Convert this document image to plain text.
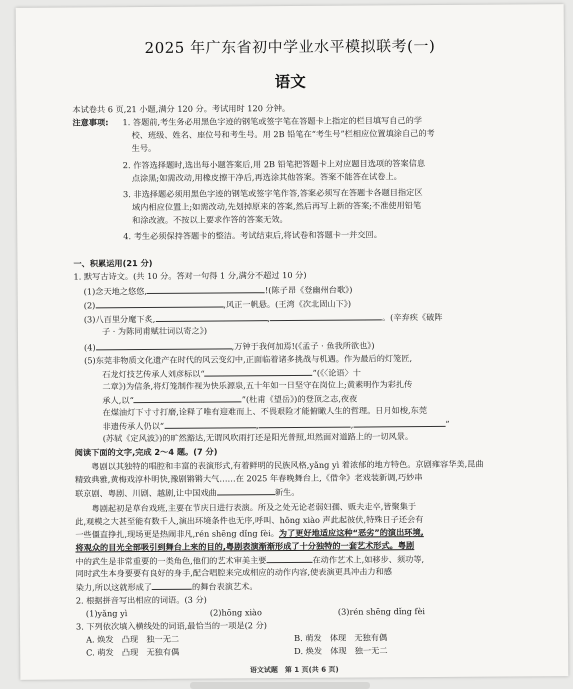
2025 年广东省初中学业水平模拟联考(一)
语文
本试卷共 6 页,21 小题,满分 120 分。考试用时 120 分钟。
注意事项: 1. 答题前,考生务必用黑色字迹的钢笔或签字笔在答题卡上指定的栏目填写自己的学
校、班级、姓名、座位号和考生号。用 2B 铅笔在“考生号”栏相应位置填涂自己的考
生号。
2. 作答选择题时,选出每小题答案后,用 2B 铅笔把答题卡上对应题目选项的答案信息
点涂黑;如需改动,用橡皮擦干净后,再选涂其他答案。答案不能答在试卷上。
3. 非选择题必须用黑色字迹的钢笔或签字笔作答,答案必须写在答题卡各题目指定区
域内相应位置上;如需改动,先划掉原来的答案,然后再写上新的答案;不准使用铅笔
和涂改液。不按以上要求作答的答案无效。
4. 考生必须保持答题卡的整洁。考试结束后,将试卷和答题卡一并交回。
一、积累运用(21 分)
1. 默写古诗文。(共 10 分。答对一句得 1 分,满分不超过 10 分)
(1)念天地之悠悠,	!(陈子昂《登幽州台歌》)
(2)	,风正一帆悬。(王湾《次北固山下》)
(3)八百里分麾下炙,	,	。(辛弃疾《破阵
子 · 为陈同甫赋壮词以寄之》)
(4)	,万钟于我何加焉!(《孟子 · 鱼我所欲也》)
(5)东莞非物质文化遗产在时代的风云变幻中,正面临着诸多挑战与机遇。作为最后的灯笼匠,
石龙灯技艺传承人刘彦标以“	”(《〈论语〉十
二章》)为信条,将灯笼制作视为快乐源泉,五十年如一日坚守在岗位上;黄素明作为彩扎传
承人,以“	”(杜甫《望岳》)的登顶之志,夜夜
在煤油灯下寸寸打磨,诠释了唯有迎难而上、不畏艰险才能俯瞰人生的哲理。日月如梭,东莞
非遗传承人仍以“	,	,	”
(苏轼《定风波》)的旷然豁达,无谓风吹雨打还是阳光普照,坦然面对道路上的一切风景。
阅读下面的文字,完成 2～4 题。(7 分)
　　粤剧以其独特的唱腔和丰富的表演形式,有着鲜明的民族风格,yǎng yì 着浓郁的地方特色。京剧雍容华美,昆曲
精致典雅,黄梅戏淳朴明快,豫剧锵锵大气……在 2025 年春晚舞台上,《借伞》老戏装新调,巧妙串
联京剧、粤剧、川剧、越剧,让中国戏曲	新生。
　　粤剧起初是草台戏班,主要在节庆日进行表演。所及之处无论老弱妇孺、贩夫走卒,皆聚集于
此,观模之大甚至能有数千人,演出环境条件也无序,呼叫、hōng xiào 声此起彼伏,特殊日子还会有
一些僵直挣扎,现场更是热闹非凡,rén shēng dǐng fèi。为了更好地适应这种“恶劣”的演出环境,
将观众的目光全部吸引到舞台上来的目的,粤剧表演渐渐形成了十分独特的一套艺术形式。粤剧
中的武生是非常重要的一类角色,他们的艺术审美主要	在动作艺术上,如移步、须功等,
同时武生本身要要有良好的身手,配合唱腔来完成相应的动作内容,使表演更具冲击力和感
染力,所以这就形成了	的舞台表演艺术。
2. 根据拼音写出相应的词语。(3 分)
(1)yǎng yì	(2)hōng xiào	(3)rén shēng dǐng fèi
3. 下列依次填入横线处的词语,最恰当的一项是(2 分)
A. 焕发　凸现　独一无二	B. 萌发　体现　无独有偶
C. 萌发　凸现　无独有偶	D. 焕发　体现　独一无二
语文试题　第 1 页(共 6 页)
